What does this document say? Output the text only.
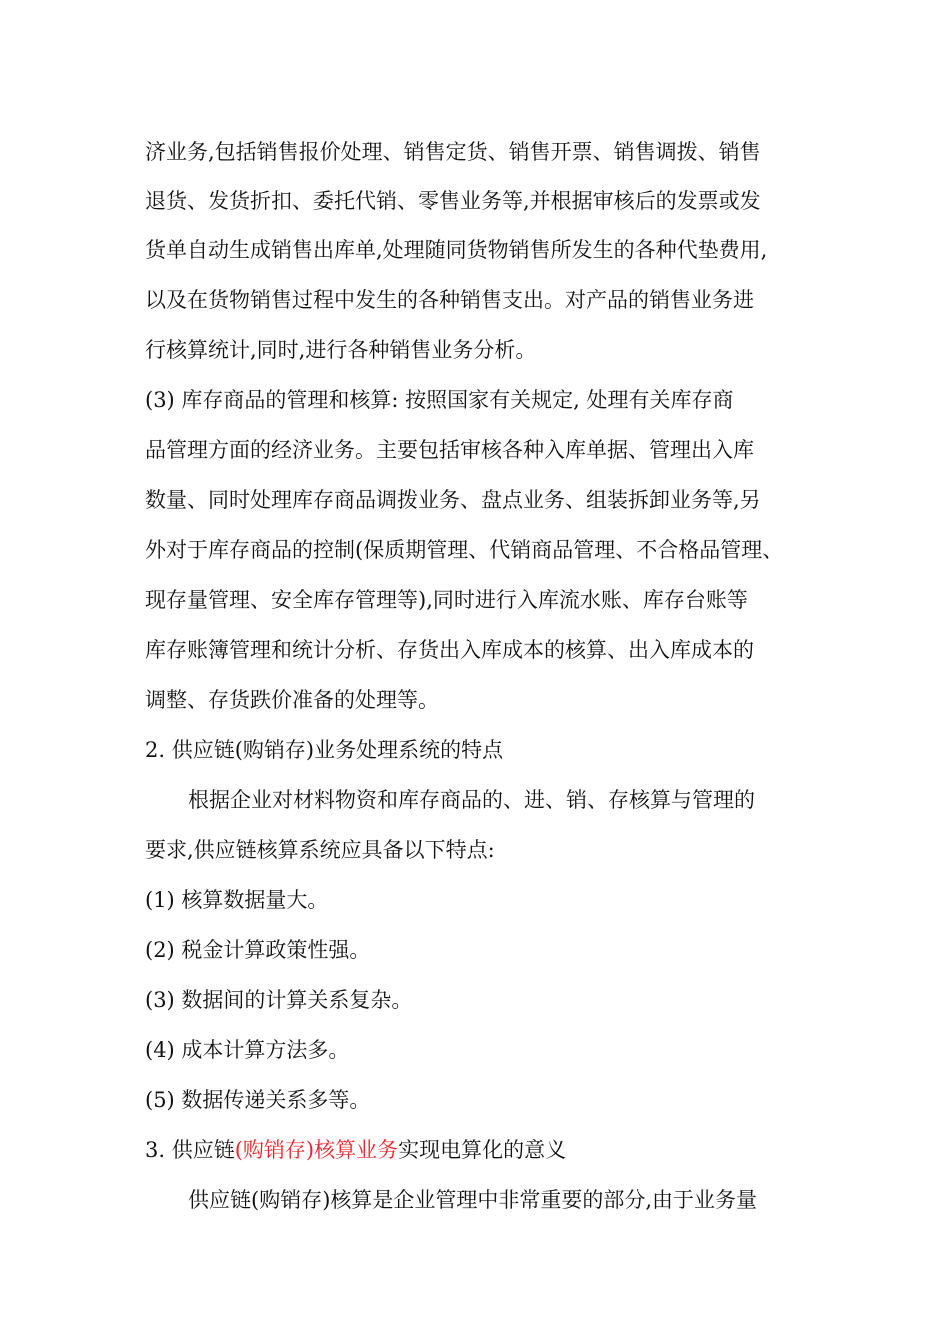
济业务,包括销售报价处理、销售定货、销售开票、销售调拨、销售
退货、发货折扣、委托代销、零售业务等,并根据审核后的发票或发
货单自动生成销售出库单,处理随同货物销售所发生的各种代垫费用,
以及在货物销售过程中发生的各种销售支出。对产品的销售业务进
行核算统计,同时,进行各种销售业务分析。
(3) 库存商品的管理和核算: 按照国家有关规定, 处理有关库存商
品管理方面的经济业务。主要包括审核各种入库单据、管理出入库
数量、同时处理库存商品调拨业务、盘点业务、组装拆卸业务等,另
外对于库存商品的控制(保质期管理、代销商品管理、不合格品管理、
现存量管理、安全库存管理等),同时进行入库流水账、库存台账等
库存账簿管理和统计分析、存货出入库成本的核算、出入库成本的
调整、存货跌价准备的处理等。
2. 供应链(购销存)业务处理系统的特点
根据企业对材料物资和库存商品的、进、销、存核算与管理的
要求,供应链核算系统应具备以下特点:
(1) 核算数据量大。
(2) 税金计算政策性强。
(3) 数据间的计算关系复杂。
(4) 成本计算方法多。
(5) 数据传递关系多等。
3. 供应链(购销存)核算业务实现电算化的意义
供应链(购销存)核算是企业管理中非常重要的部分,由于业务量
